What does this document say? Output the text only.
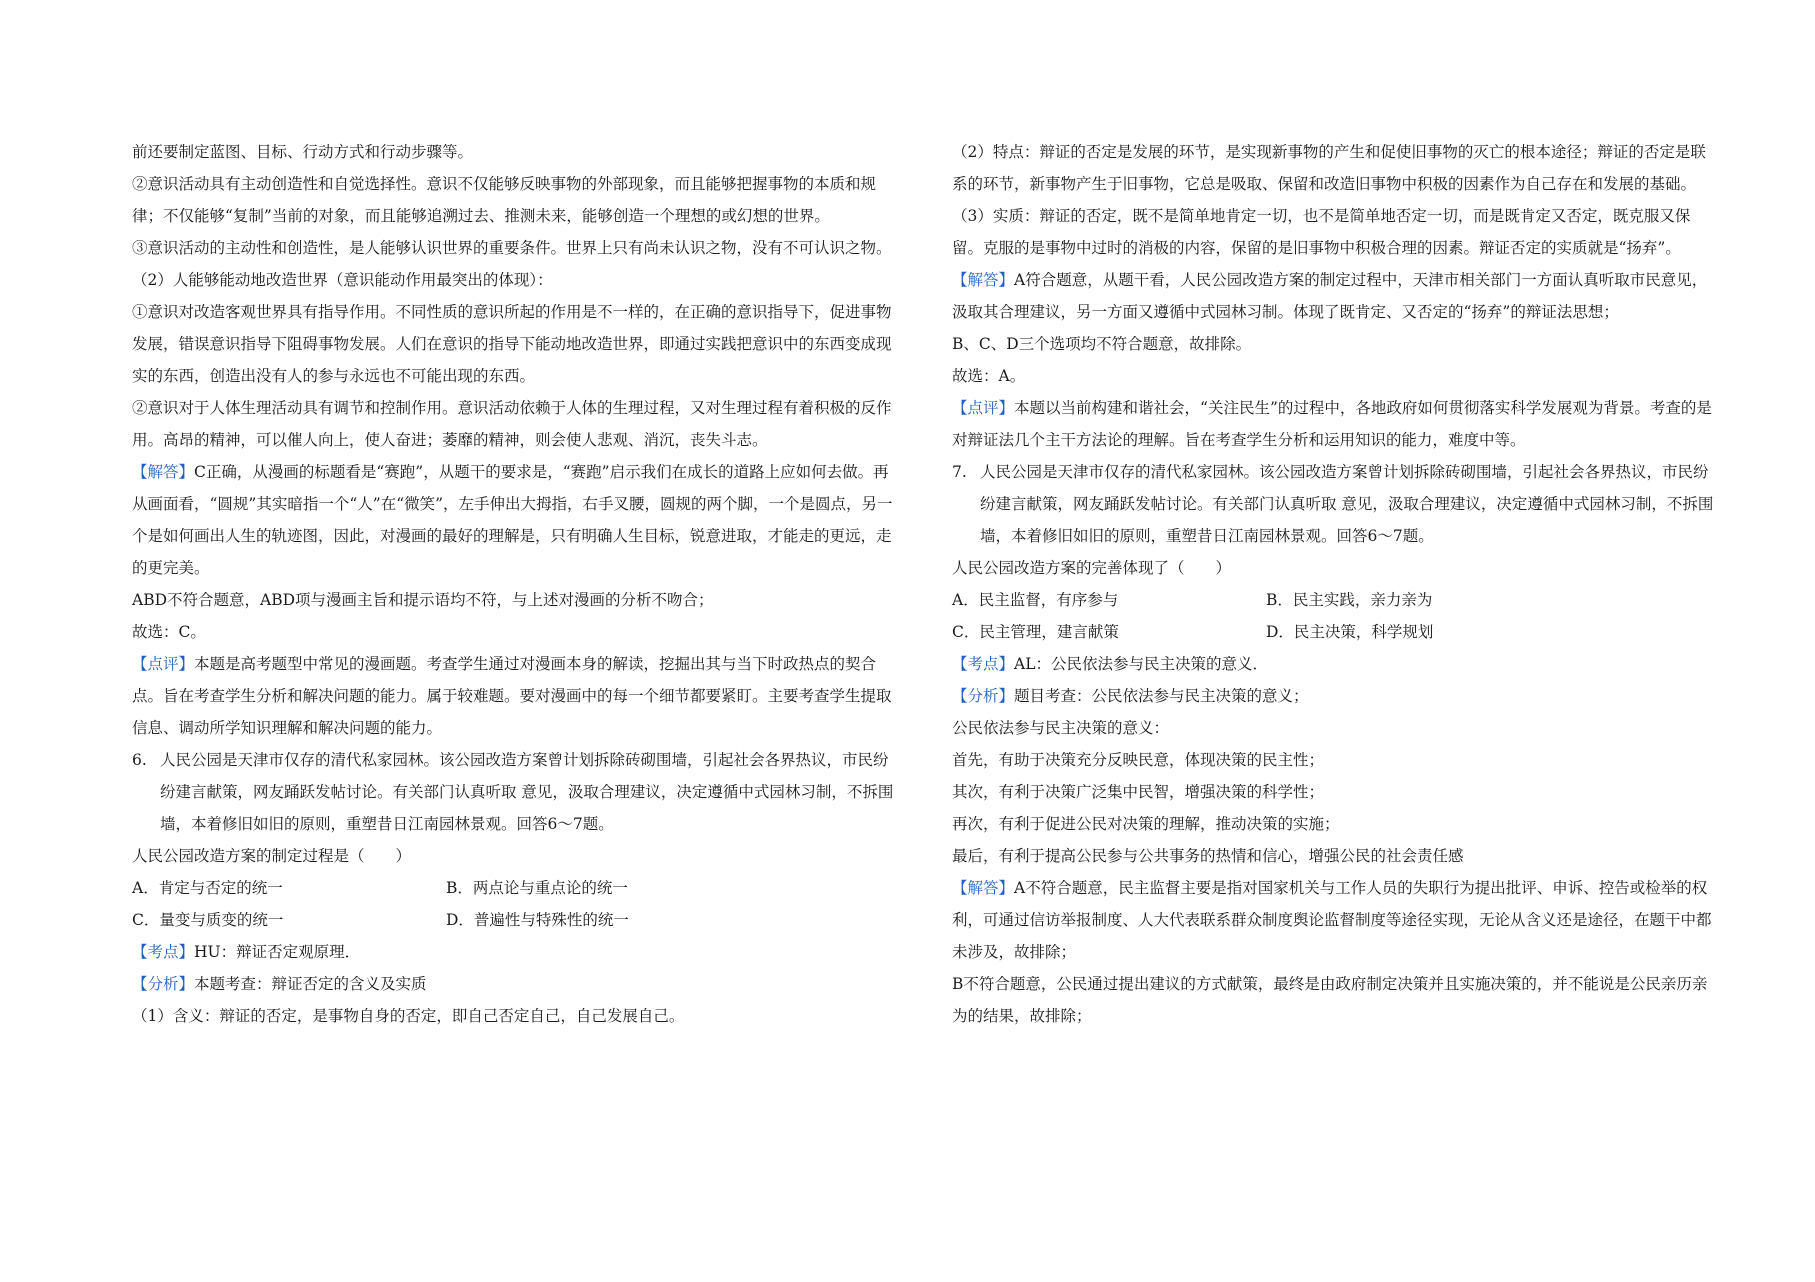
前还要制定蓝图、目标、行动方式和行动步骤等。

②意识活动具有主动创造性和自觉选择性。意识不仅能够反映事物的外部现象，而且能够把握事物的本质和规律；不仅能够“复制”当前的对象，而且能够追溯过去、推测未来，能够创造一个理想的或幻想的世界。

③意识活动的主动性和创造性，是人能够认识世界的重要条件。世界上只有尚未认识之物，没有不可认识之物。

（2）人能够能动地改造世界（意识能动作用最突出的体现）：

①意识对改造客观世界具有指导作用。不同性质的意识所起的作用是不一样的，在正确的意识指导下，促进事物发展，错误意识指导下阻碍事物发展。人们在意识的指导下能动地改造世界，即通过实践把意识中的东西变成现实的东西，创造出没有人的参与永远也不可能出现的东西。

②意识对于人体生理活动具有调节和控制作用。意识活动依赖于人体的生理过程，又对生理过程有着积极的反作用。高昂的精神，可以催人向上，使人奋进；萎靡的精神，则会使人悲观、消沉，丧失斗志。

【解答】C正确，从漫画的标题看是“赛跑”，从题干的要求是，“赛跑”启示我们在成长的道路上应如何去做。再从画面看，“圆规”其实暗指一个“人”在“微笑”，左手伸出大拇指，右手叉腰，圆规的两个脚，一个是圆点，另一个是如何画出人生的轨迹图，因此，对漫画的最好的理解是，只有明确人生目标，锐意进取，才能走的更远，走的更完美。

ABD不符合题意，ABD项与漫画主旨和提示语均不符，与上述对漫画的分析不吻合；

故选：C。

【点评】本题是高考题型中常见的漫画题。考查学生通过对漫画本身的解读，挖掘出其与当下时政热点的契合点。旨在考查学生分析和解决问题的能力。属于较难题。要对漫画中的每一个细节都要紧盯。主要考查学生提取信息、调动所学知识理解和解决问题的能力。

6. 人民公园是天津市仅存的清代私家园林。该公园改造方案曾计划拆除砖砌围墙，引起社会各界热议，市民纷纷建言献策，网友踊跃发帖讨论。有关部门认真听取 意见，汲取合理建议，决定遵循中式园林习制，不拆围墙，本着修旧如旧的原则，重塑昔日江南园林景观。回答6～7题。

人民公园改造方案的制定过程是（　　）

A．肯定与否定的统一	B．两点论与重点论的统一
C．量变与质变的统一	D．普遍性与特殊性的统一

【考点】HU：辩证否定观原理．

【分析】本题考查：辩证否定的含义及实质

（1）含义：辩证的否定，是事物自身的否定，即自己否定自己，自己发展自己。

（2）特点：辩证的否定是发展的环节，是实现新事物的产生和促使旧事物的灭亡的根本途径；辩证的否定是联系的环节，新事物产生于旧事物，它总是吸取、保留和改造旧事物中积极的因素作为自己存在和发展的基础。

（3）实质：辩证的否定，既不是简单地肯定一切，也不是简单地否定一切，而是既肯定又否定，既克服又保留。克服的是事物中过时的消极的内容，保留的是旧事物中积极合理的因素。辩证否定的实质就是“扬弃”。

【解答】A符合题意，从题干看，人民公园改造方案的制定过程中，天津市相关部门一方面认真听取市民意见，汲取其合理建议，另一方面又遵循中式园林习制。体现了既肯定、又否定的“扬弃”的辩证法思想；

B、C、D三个选项均不符合题意，故排除。

故选：A。

【点评】本题以当前构建和谐社会，“关注民生”的过程中，各地政府如何贯彻落实科学发展观为背景。考查的是对辩证法几个主干方法论的理解。旨在考查学生分析和运用知识的能力，难度中等。

7. 人民公园是天津市仅存的清代私家园林。该公园改造方案曾计划拆除砖砌围墙，引起社会各界热议，市民纷纷建言献策，网友踊跃发帖讨论。有关部门认真听取 意见，汲取合理建议，决定遵循中式园林习制，不拆围墙，本着修旧如旧的原则，重塑昔日江南园林景观。回答6～7题。

人民公园改造方案的完善体现了（　　）

A．民主监督，有序参与	B．民主实践，亲力亲为
C．民主管理，建言献策	D．民主决策，科学规划

【考点】AL：公民依法参与民主决策的意义．

【分析】题目考查：公民依法参与民主决策的意义；

公民依法参与民主决策的意义：

首先，有助于决策充分反映民意，体现决策的民主性；

其次，有利于决策广泛集中民智，增强决策的科学性；

再次，有利于促进公民对决策的理解，推动决策的实施；

最后，有利于提高公民参与公共事务的热情和信心，增强公民的社会责任感

【解答】A不符合题意，民主监督主要是指对国家机关与工作人员的失职行为提出批评、申诉、控告或检举的权利，可通过信访举报制度、人大代表联系群众制度舆论监督制度等途径实现，无论从含义还是途径，在题干中都未涉及，故排除；

B不符合题意，公民通过提出建议的方式献策，最终是由政府制定决策并且实施决策的，并不能说是公民亲历亲为的结果，故排除；
